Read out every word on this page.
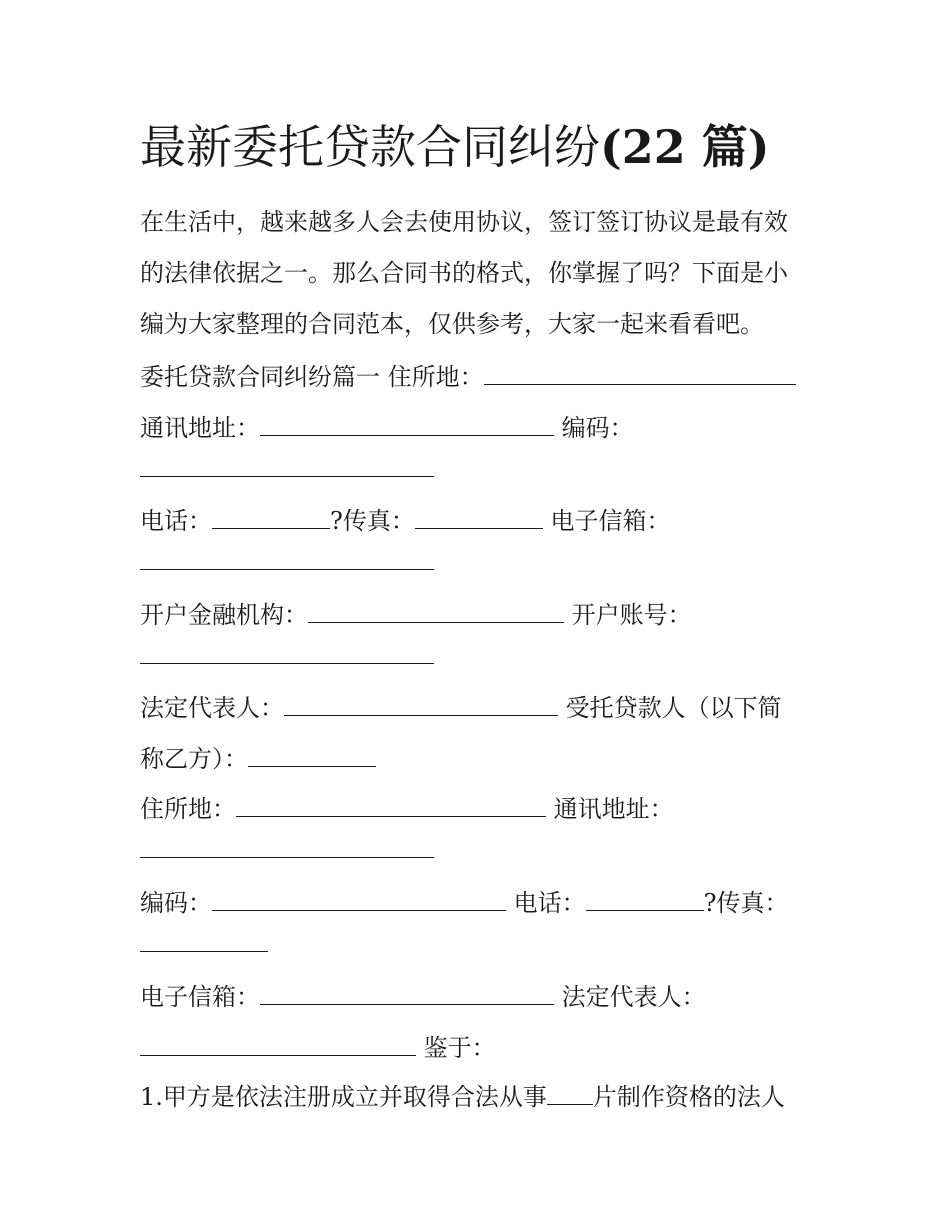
最新委托贷款合同纠纷(22 篇)
在生活中，越来越多人会去使用协议，签订签订协议是最有效
的法律依据之一。那么合同书的格式，你掌握了吗？下面是小
编为大家整理的合同范本，仅供参考，大家一起来看看吧。
委托贷款合同纠纷篇一 住所地：
通讯地址：	编码：
电话：	?传真：	电子信箱：
开户金融机构：	开户账号：
法定代表人：	受托贷款人（以下简
称乙方）：
住所地：	通讯地址：
编码：	电话：	?传真：
电子信箱：	法定代表人：
鉴于：
1.甲方是依法注册成立并取得合法从事 片制作资格的法人
